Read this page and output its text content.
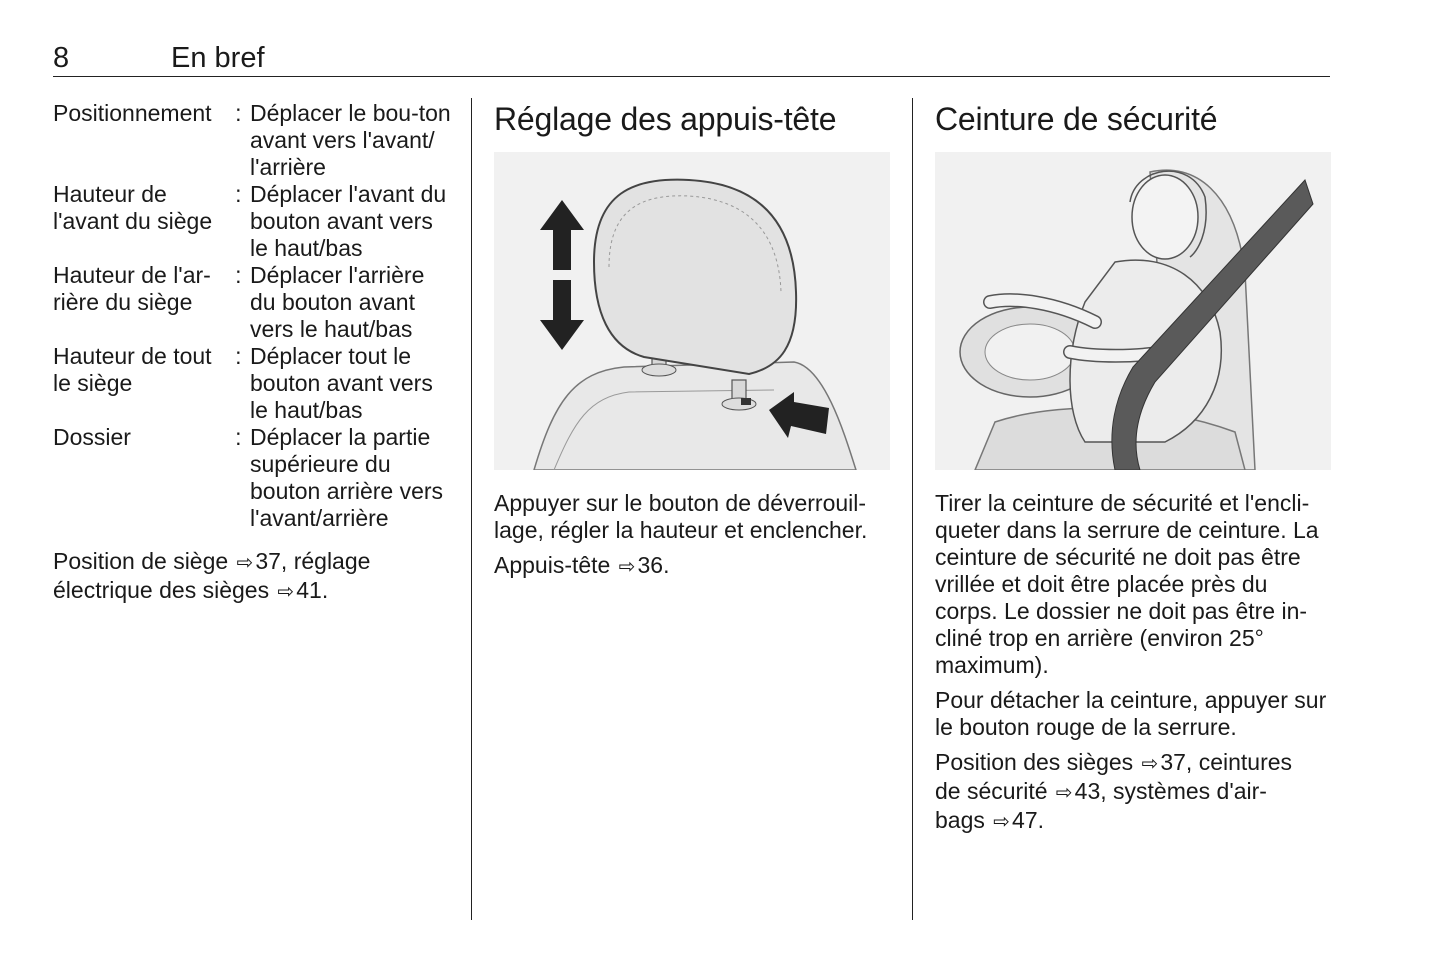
8	En bref
Positionnement	:	Déplacer le bou-ton avant vers l'avant/ l'arrière
Hauteur de l'avant du siège	:	Déplacer l'avant du bouton avant vers le haut/bas
Hauteur de l'ar-rière du siège	:	Déplacer l'arrière du bouton avant vers le haut/bas
Hauteur de tout le siège	:	Déplacer tout le bouton avant vers le haut/bas
Dossier	:	Déplacer la partie supérieure du bouton arrière vers l'avant/arrière

Position de siège ⇨37, réglage
électrique des sièges ⇨41.

Réglage des appuis-tête

Appuyer sur le bouton de déverrouil-lage, régler la hauteur et enclencher.

Appuis-tête ⇨36.

Ceinture de sécurité

Tirer la ceinture de sécurité et l'encli-queter dans la serrure de ceinture. La ceinture de sécurité ne doit pas être vrillée et doit être placée près du corps. Le dossier ne doit pas être in-cliné trop en arrière (environ 25° maximum).

Pour détacher la ceinture, appuyer sur le bouton rouge de la serrure.

Position des sièges ⇨37, ceintures
de sécurité ⇨43, systèmes d'air-
bags ⇨47.
